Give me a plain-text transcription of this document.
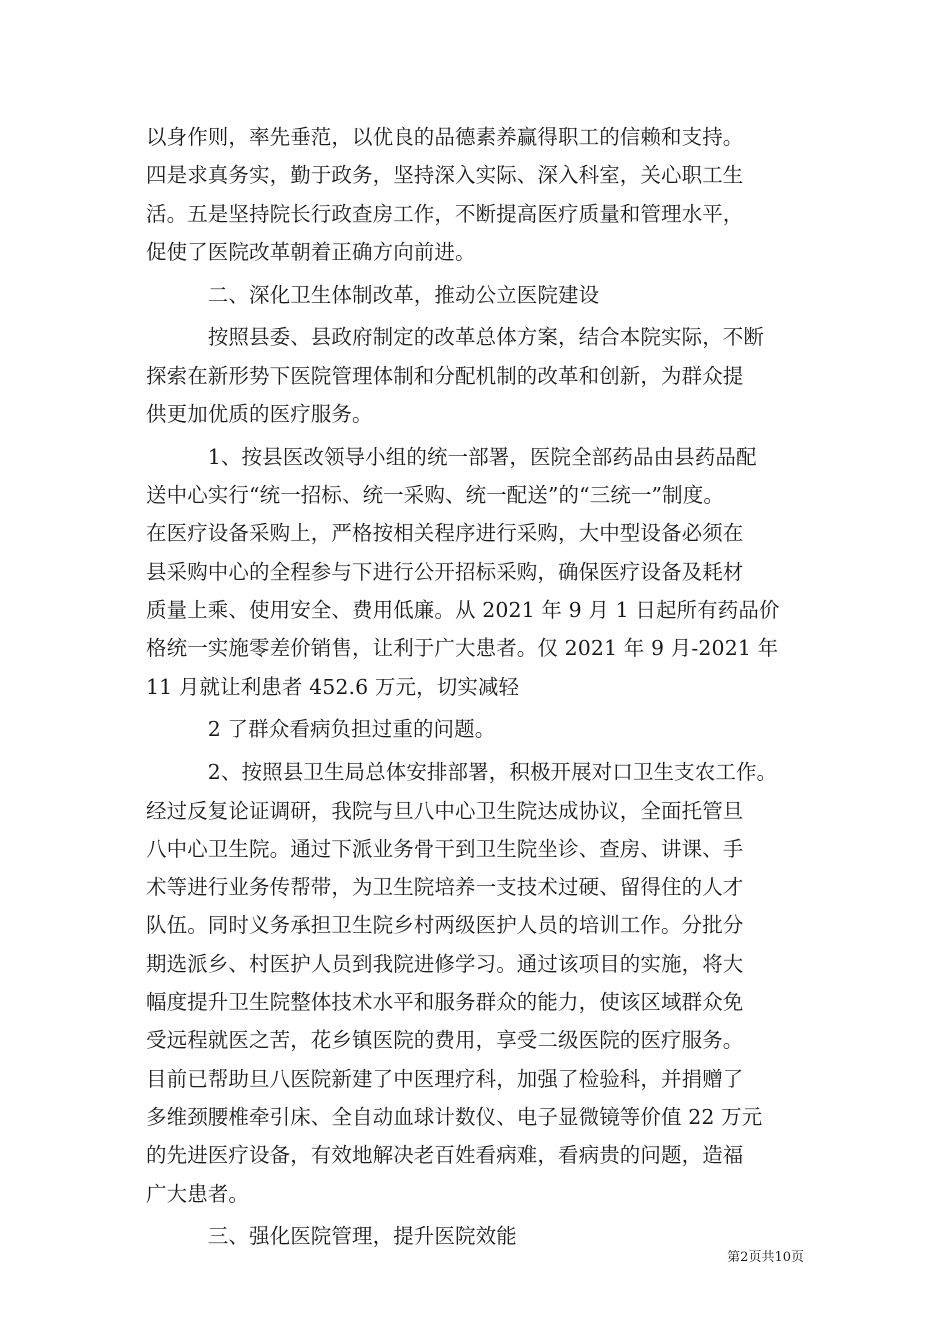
以身作则，率先垂范，以优良的品德素养赢得职工的信赖和支持。
四是求真务实，勤于政务，坚持深入实际、深入科室，关心职工生
活。五是坚持院长行政查房工作，不断提高医疗质量和管理水平，
促使了医院改革朝着正确方向前进。
　　　二、深化卫生体制改革，推动公立医院建设
　　　按照县委、县政府制定的改革总体方案，结合本院实际，不断
探索在新形势下医院管理体制和分配机制的改革和创新，为群众提
供更加优质的医疗服务。
　　　1、按县医改领导小组的统一部署，医院全部药品由县药品配
送中心实行“统一招标、统一采购、统一配送”的“三统一”制度。
在医疗设备采购上，严格按相关程序进行采购，大中型设备必须在
县采购中心的全程参与下进行公开招标采购，确保医疗设备及耗材
质量上乘、使用安全、费用低廉。从 2021 年 9 月 1 日起所有药品价
格统一实施零差价销售，让利于广大患者。仅 2021 年 9 月-2021 年
11 月就让利患者 452.6 万元，切实减轻
　　　2 了群众看病负担过重的问题。
　　　2、按照县卫生局总体安排部署，积极开展对口卫生支农工作。
经过反复论证调研，我院与旦八中心卫生院达成协议，全面托管旦
八中心卫生院。通过下派业务骨干到卫生院坐诊、查房、讲课、手
术等进行业务传帮带，为卫生院培养一支技术过硬、留得住的人才
队伍。同时义务承担卫生院乡村两级医护人员的培训工作。分批分
期选派乡、村医护人员到我院进修学习。通过该项目的实施，将大
幅度提升卫生院整体技术水平和服务群众的能力，使该区域群众免
受远程就医之苦，花乡镇医院的费用，享受二级医院的医疗服务。
目前已帮助旦八医院新建了中医理疗科，加强了检验科，并捐赠了
多维颈腰椎牵引床、全自动血球计数仪、电子显微镜等价值 22 万元
的先进医疗设备，有效地解决老百姓看病难，看病贵的问题，造福
广大患者。
　　　三、强化医院管理，提升医院效能
第2页共10页
